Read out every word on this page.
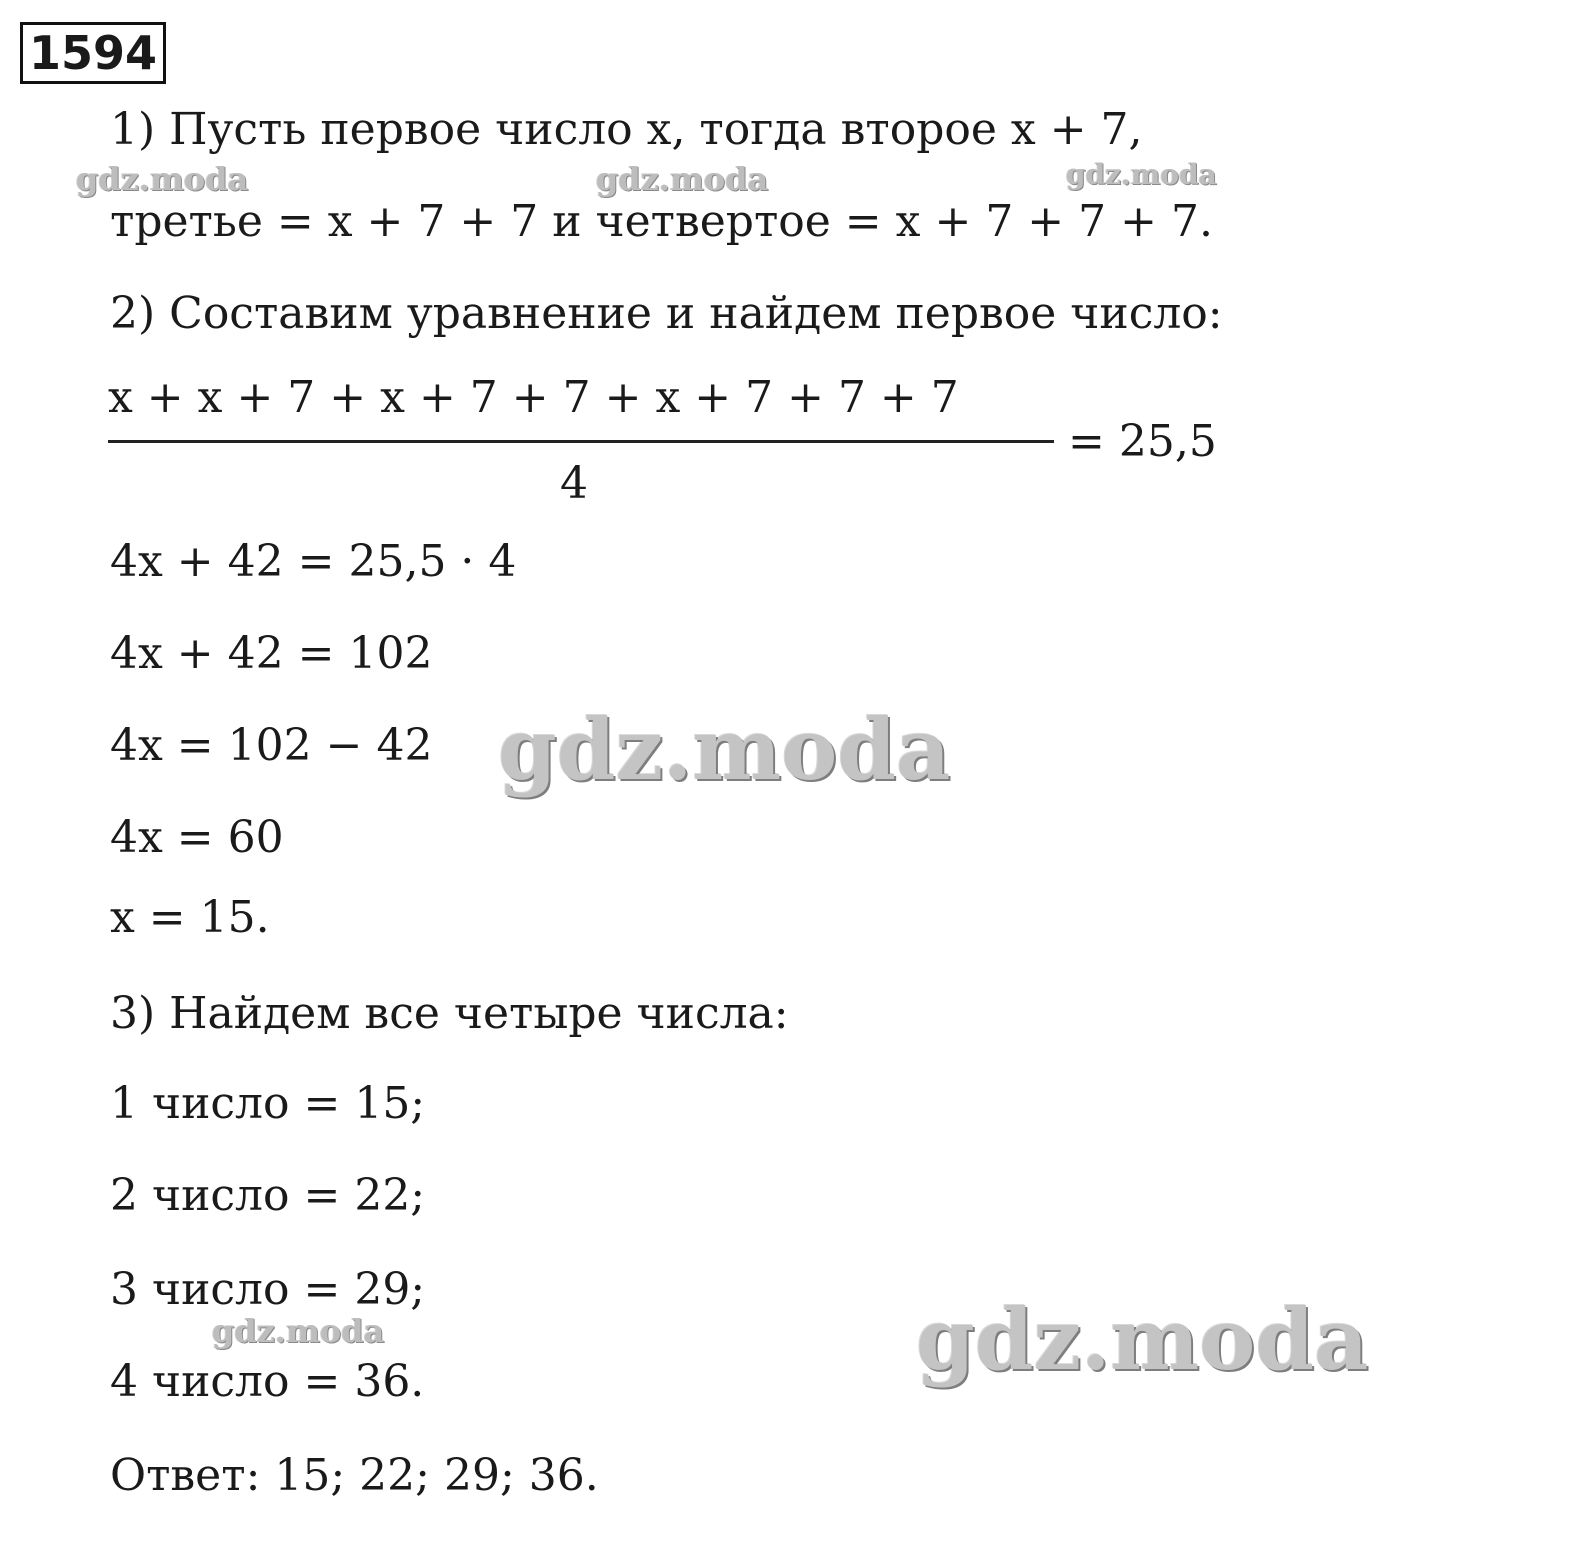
1594
1) Пусть первое число x, тогда второе x + 7,
третье = x + 7 + 7 и четвертое = x + 7 + 7 + 7.
2) Составим уравнение и найдем первое число:
x + x + 7 + x + 7 + 7 + x + 7 + 7 + 7
4
= 25,5
4x + 42 = 25,5 · 4
4x + 42 = 102
4x = 102 − 42
4x = 60
x = 15.
3) Найдем все четыре числа:
1 число = 15;
2 число = 22;
3 число = 29;
4 число = 36.
Ответ: 15; 22; 29; 36.
gdz.moda	gdz.moda	gdz.moda
gdz.moda
gdz.moda	gdz.moda
